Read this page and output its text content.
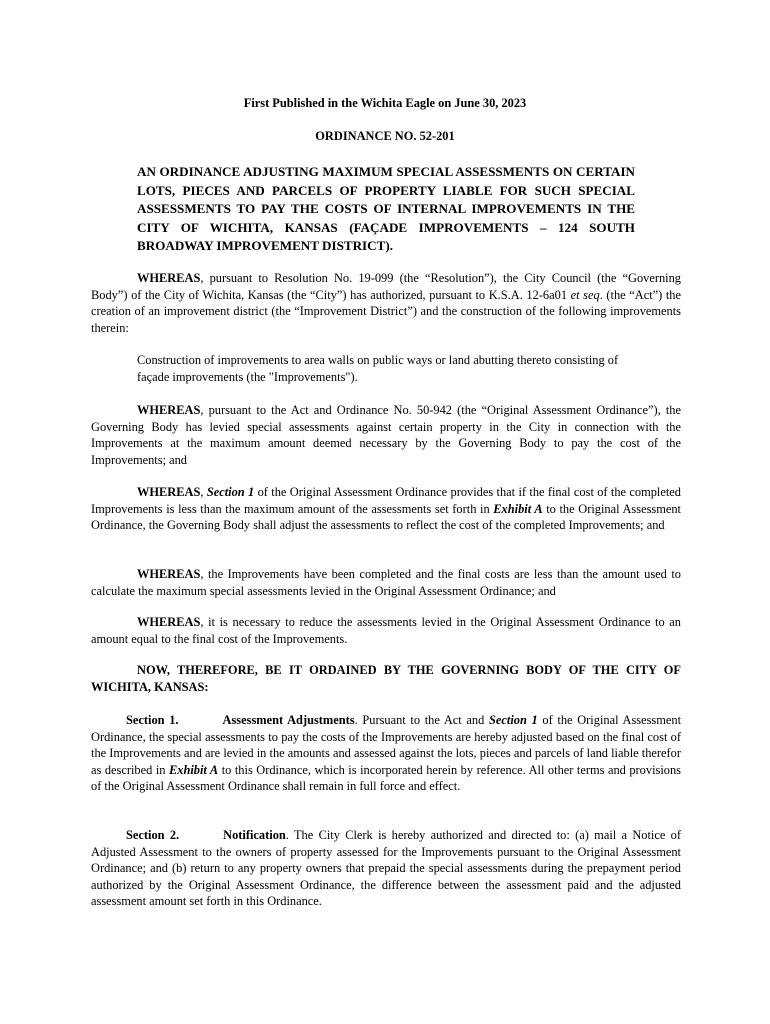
First Published in the Wichita Eagle on June 30, 2023
ORDINANCE NO. 52-201
AN ORDINANCE ADJUSTING MAXIMUM SPECIAL ASSESSMENTS ON CERTAIN LOTS, PIECES AND PARCELS OF PROPERTY LIABLE FOR SUCH SPECIAL ASSESSMENTS TO PAY THE COSTS OF INTERNAL IMPROVEMENTS IN THE CITY OF WICHITA, KANSAS (FAÇADE IMPROVEMENTS – 124 SOUTH BROADWAY IMPROVEMENT DISTRICT).

WHEREAS, pursuant to Resolution No. 19-099 (the “Resolution”), the City Council (the “Governing Body”) of the City of Wichita, Kansas (the “City”) has authorized, pursuant to K.S.A. 12-6a01 et seq. (the “Act”) the creation of an improvement district (the “Improvement District”) and the construction of the following improvements therein:

Construction of improvements to area walls on public ways or land abutting thereto consisting of façade improvements (the "Improvements").

WHEREAS, pursuant to the Act and Ordinance No. 50-942 (the “Original Assessment Ordinance”), the Governing Body has levied special assessments against certain property in the City in connection with the Improvements at the maximum amount deemed necessary by the Governing Body to pay the cost of the Improvements; and

WHEREAS, Section 1 of the Original Assessment Ordinance provides that if the final cost of the completed Improvements is less than the maximum amount of the assessments set forth in Exhibit A to the Original Assessment Ordinance, the Governing Body shall adjust the assessments to reflect the cost of the completed Improvements; and

WHEREAS, the Improvements have been completed and the final costs are less than the amount used to calculate the maximum special assessments levied in the Original Assessment Ordinance; and

WHEREAS, it is necessary to reduce the assessments levied in the Original Assessment Ordinance to an amount equal to the final cost of the Improvements.

NOW, THEREFORE, BE IT ORDAINED BY THE GOVERNING BODY OF THE CITY OF WICHITA, KANSAS:

Section 1.	Assessment Adjustments. Pursuant to the Act and Section 1 of the Original Assessment Ordinance, the special assessments to pay the costs of the Improvements are hereby adjusted based on the final cost of the Improvements and are levied in the amounts and assessed against the lots, pieces and parcels of land liable therefor as described in Exhibit A to this Ordinance, which is incorporated herein by reference. All other terms and provisions of the Original Assessment Ordinance shall remain in full force and effect.

Section 2.	Notification. The City Clerk is hereby authorized and directed to: (a) mail a Notice of Adjusted Assessment to the owners of property assessed for the Improvements pursuant to the Original Assessment Ordinance; and (b) return to any property owners that prepaid the special assessments during the prepayment period authorized by the Original Assessment Ordinance, the difference between the assessment paid and the adjusted assessment amount set forth in this Ordinance.
